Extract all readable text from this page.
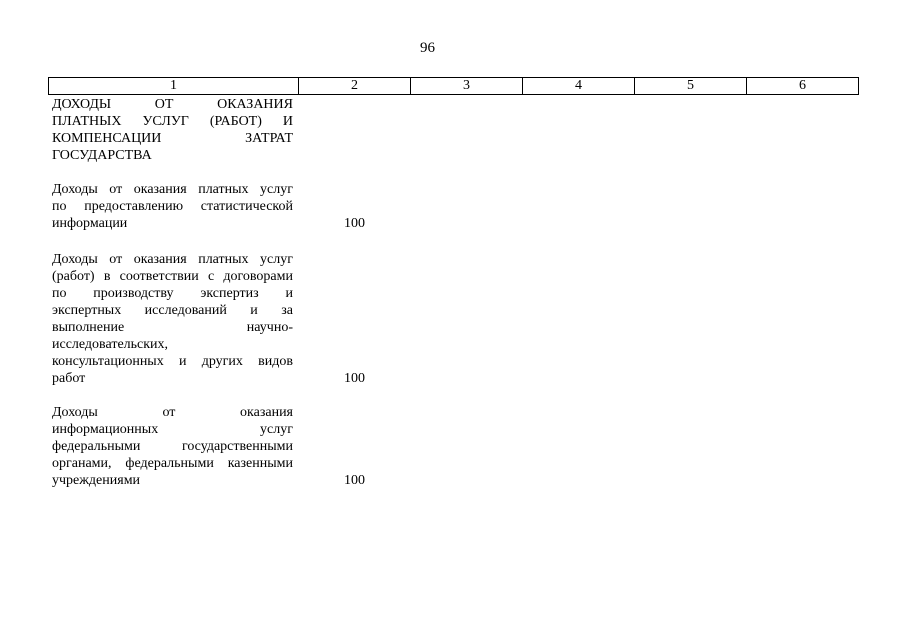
96
1	2	3	4	5	6
ДОХОДЫ ОТ ОКАЗАНИЯ
ПЛАТНЫХ УСЛУГ (РАБОТ) И
КОМПЕНСАЦИИ ЗАТРАТ
ГОСУДАРСТВА
Доходы от оказания платных услуг
по предоставлению статистической
информации	100
Доходы от оказания платных услуг
(работ) в соответствии с договорами
по производству экспертиз и
экспертных исследований и за
выполнение научно-
исследовательских,
консультационных и других видов
работ	100
Доходы от оказания
информационных услуг
федеральными государственными
органами, федеральными казенными
учреждениями	100
